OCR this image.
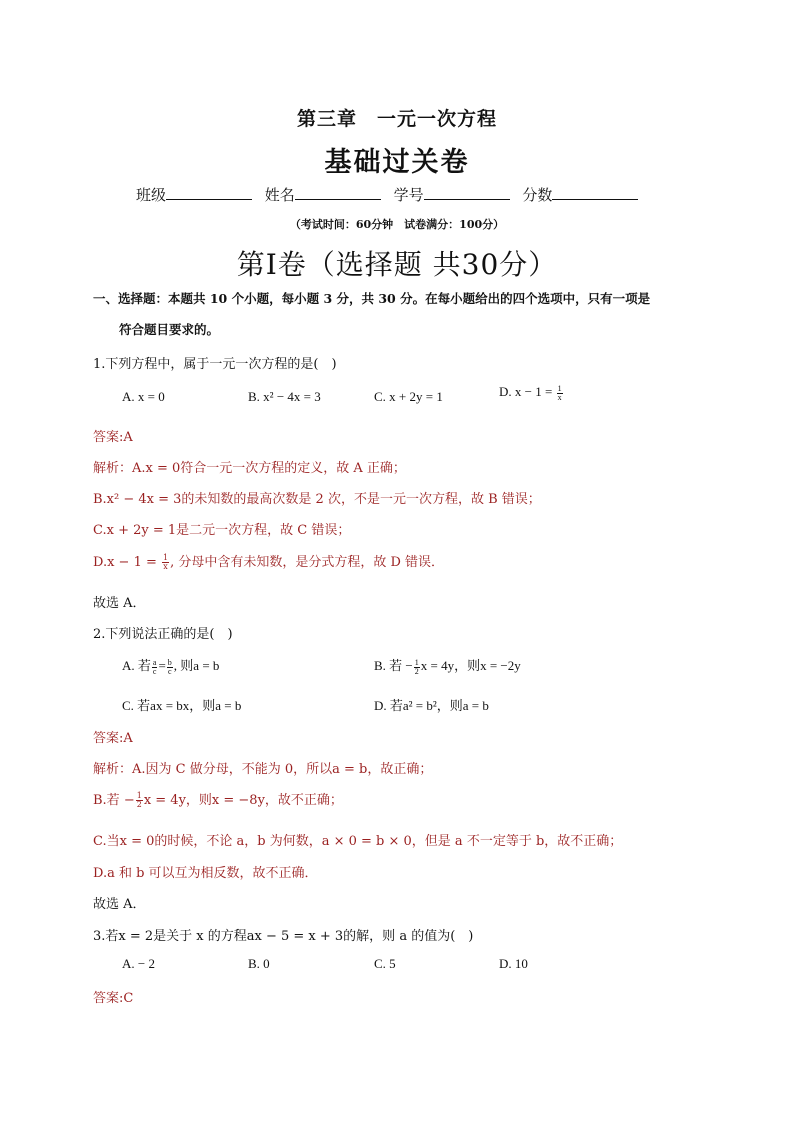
第三章　一元一次方程
基础过关卷
班级	姓名	学号	分数
（考试时间：60分钟　试卷满分：100分）
第Ⅰ卷（选择题 共30分）
一、选择题：本题共 10 个小题，每小题 3 分，共 30 分。在每小题给出的四个选项中，只有一项是
符合题目要求的。
1.下列方程中，属于一元一次方程的是(　)
A. x = 0	B. x² − 4x = 3	C. x + 2y = 1	D. $x - 1 = \frac{1}{x}$
答案:A
解析：A.x = 0符合一元一次方程的定义，故 A 正确；
B.x² − 4x = 3的未知数的最高次数是 2 次，不是一元一次方程，故 B 错误；
C.x + 2y = 1是二元一次方程，故 C 错误；
$D.x - 1 = \frac{1}{x}$ , 分母中含有未知数，是分式方程，故 D 错误．
故选 A．
2.下列说法正确的是(　)
A. 若 $\frac{a}{c} = \frac{b}{c}$ , 则a = b	B. 若 − $\frac{1}{2}$ x = 4y，则x = −2y
C. 若ax = bx，则a = b	D. 若a² = b²，则a = b
答案:A
解析：A.因为 C 做分母，不能为 0，所以a = b，故正确；
B.若 − $\frac{1}{2}$ x = 4y，则x = −8y，故不正确；
C.当x = 0的时候，不论 a，b 为何数，a × 0 = b × 0，但是 a 不一定等于 b，故不正确；
D.a 和 b 可以互为相反数，故不正确．
故选 A．
3.若x = 2是关于 x 的方程ax − 5 = x + 3的解，则 a 的值为(　)
A. − 2	B. 0	C. 5	D. 10
答案:C
